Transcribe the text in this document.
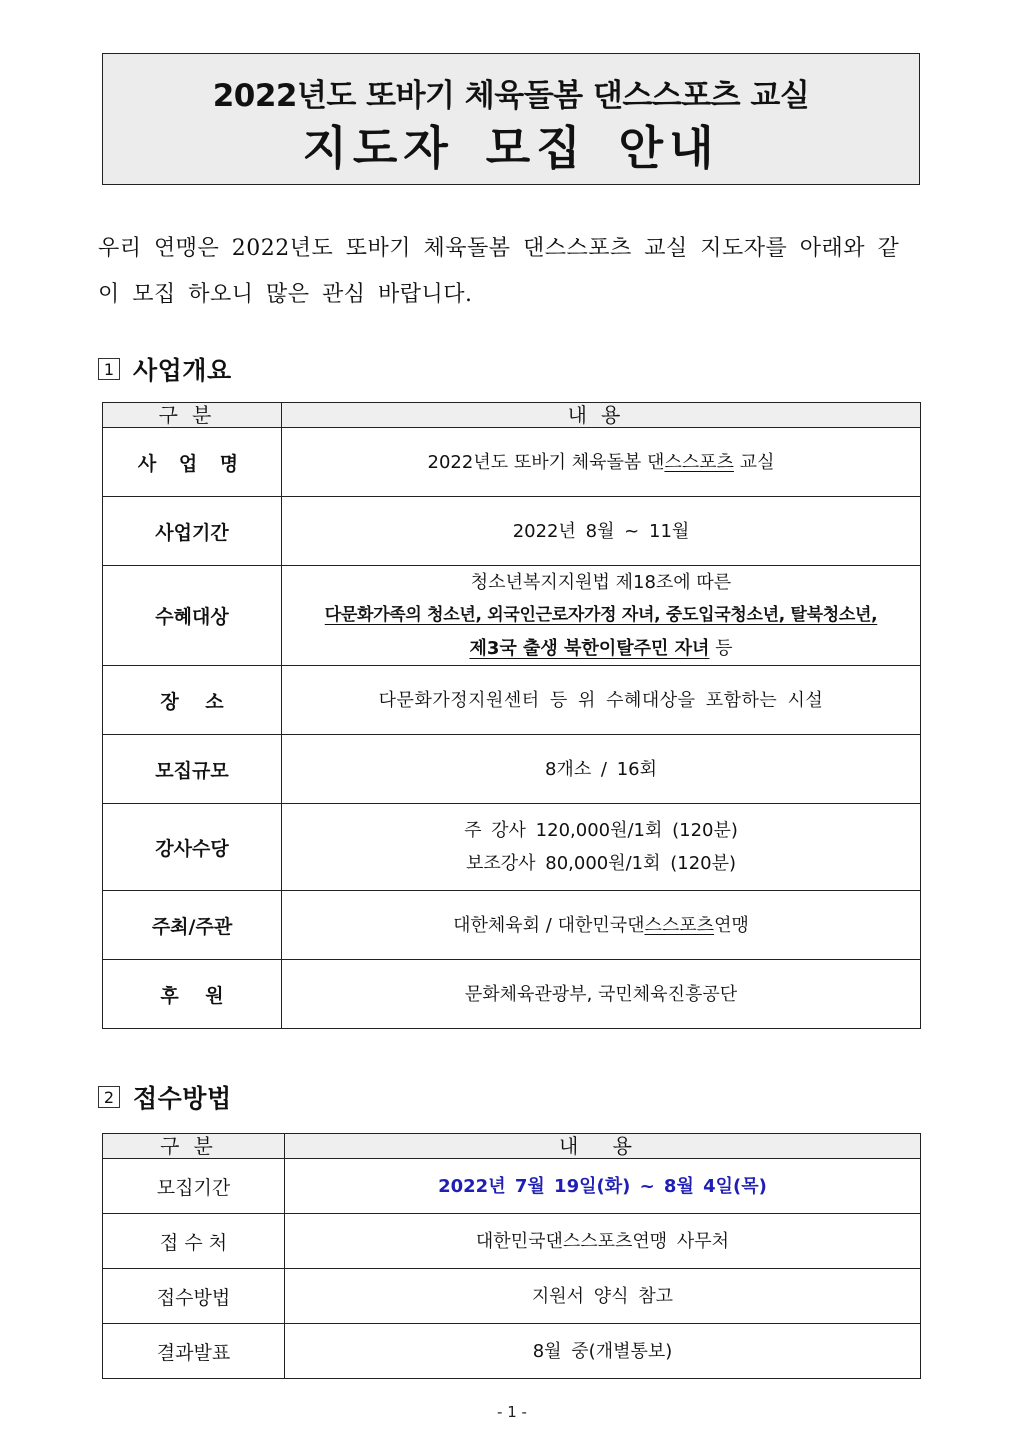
2022년도 또바기 체육돌봄 댄스스포츠 교실
지도자 모집 안내

우리 연맹은 2022년도 또바기 체육돌봄 댄스스포츠 교실 지도자를 아래와 같

이 모집 하오니 많은 관심 바랍니다.

1 사업개요
구분	내용
사 업 명	2022년도 또바기 체육돌봄 댄스스포츠 교실
사업기간	2022년 8월 ~ 11월
수혜대상	청소년복지지원법 제18조에 따른
다문화가족의 청소년, 외국인근로자가정 자녀, 중도입국청소년, 탈북청소년,
제3국 출생 북한이탈주민 자녀 등

장    소	다문화가정지원센터 등 위 수혜대상을 포함하는 시설
모집규모	8개소 / 16회
강사수당	주 강사 120,000원/1회 (120분)
보조강사 80,000원/1회 (120분)

주최/주관	대한체육회 / 대한민국댄스스포츠연맹
후    원	문화체육관광부, 국민체육진흥공단
2 접수방법
구분	내 용
모집기간	2022년 7월 19일(화) ~ 8월 4일(목)
접 수 처	대한민국댄스스포츠연맹 사무처
접수방법	지원서 양식 참고
결과발표	8월 중(개별통보)
- 1 -
